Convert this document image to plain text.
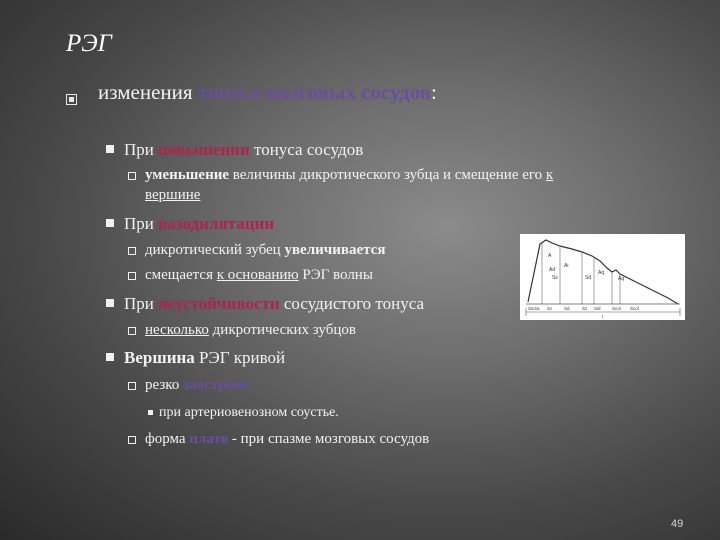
РЭГ
изменения тонуса мозговых сосудов:
При повышении тонуса сосудов
уменьшение величины дикротического зубца и смещение его к
вершине
При вазодилятации
дикротический зубец увеличивается
смещается к основанию РЭГ волны
При неустойчивости сосудистого тонуса
несколько дикротических зубцов
Вершина РЭГ кривой
резко заострена
при артериовенозном соустье.
форма плато - при спазме мозговых сосудов
A
Ad
Ai
Aq
Aq
Ss	Sd
Sa Sa Sc	Sd	Sz Sid	Scol Scol
I
49
